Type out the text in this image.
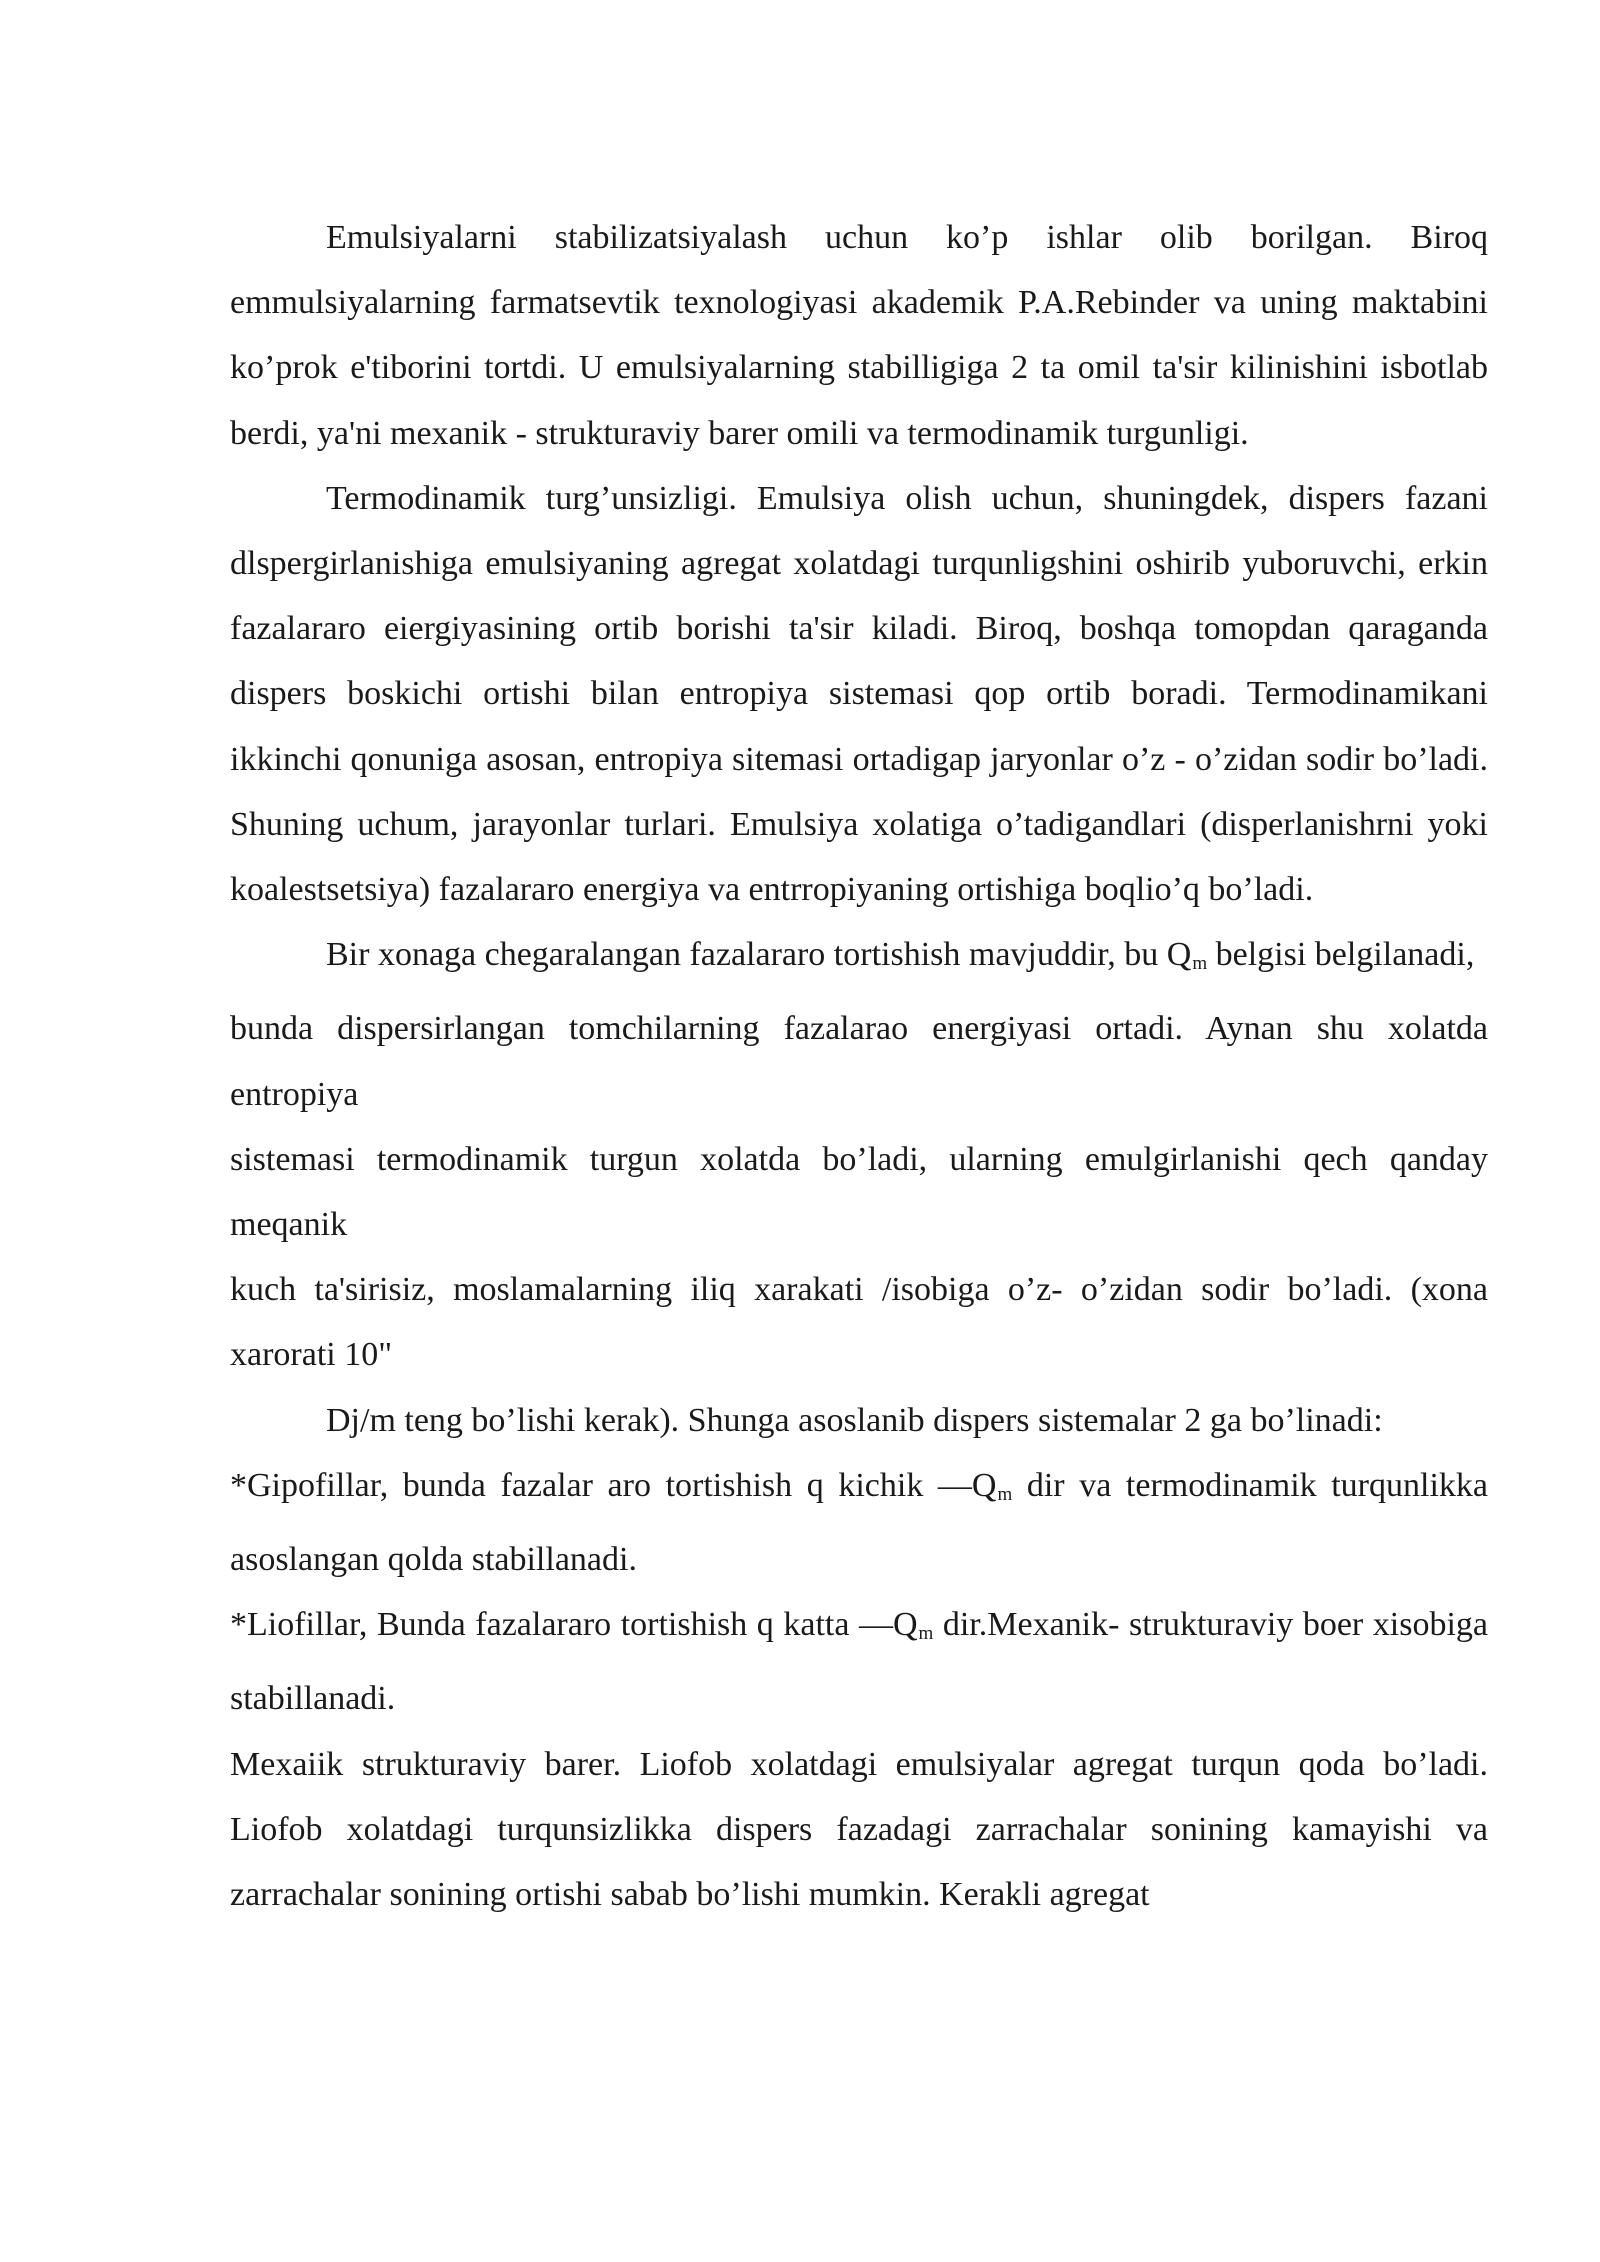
Emulsiyalarni stabilizatsiyalash uchun ko’p ishlar olib borilgan. Biroq emmulsiyalarning farmatsevtik texnologiyasi akademik P.A.Rebinder va uning maktabini ko’prok e'tiborini tortdi. U emulsiyalarning stabilligiga 2 ta omil ta'sir kilinishini isbotlab berdi, ya'ni mexanik - strukturaviy barer omili va termodinamik turgunligi.

Termodinamik turg’unsizligi. Emulsiya olish uchun, shuningdek, dispers fazani dlspergirlanishiga emulsiyaning agregat xolatdagi turqunligshini oshirib yuboruvchi, erkin fazalararo eiergiyasining ortib borishi ta'sir kiladi. Biroq, boshqa tomopdan qaraganda dispers boskichi ortishi bilan entropiya sistemasi qop ortib boradi. Termodinamikani ikkinchi qonuniga asosan, entropiya sitemasi ortadigap jaryonlar o’z - o’zidan sodir bo’ladi. Shuning uchum, jarayonlar turlari. Emulsiya xolatiga o’tadigandlari (disperlanishrni yoki koalestsetsiya) fazalararo energiya va entrropiyaning ortishiga boqlio’q bo’ladi.

Bir xonaga chegaralangan fazalararo tortishish mavjuddir, bu $Q_m$ belgisi belgilanadi,

bunda dispersirlangan tomchilarning fazalarao energiyasi ortadi. Aynan shu xolatda entropiya

sistemasi termodinamik turgun xolatda bo’ladi, ularning emulgirlanishi qech qanday meqanik

kuch ta'sirisiz, moslamalarning iliq xarakati /isobiga o’z- o’zidan sodir bo’ladi. (xona xarorati 10"

Dj/m teng bo’lishi kerak). Shunga asoslanib dispers sistemalar 2 ga bo’linadi:

*Gipofillar, bunda fazalar aro tortishish q kichik $—Q_m$ dir va termodinamik turqunlikka asoslangan qolda stabillanadi.

*Liofillar, Bunda fazalararo tortishish q katta $—Q_m$ dir.Mexanik- strukturaviy boer xisobiga stabillanadi.

Mexaiik strukturaviy barer. Liofob xolatdagi emulsiyalar agregat turqun qoda bo’ladi. Liofob xolatdagi turqunsizlikka dispers fazadagi zarrachalar sonining kamayishi va zarrachalar sonining ortishi sabab bo’lishi mumkin. Kerakli agregat
